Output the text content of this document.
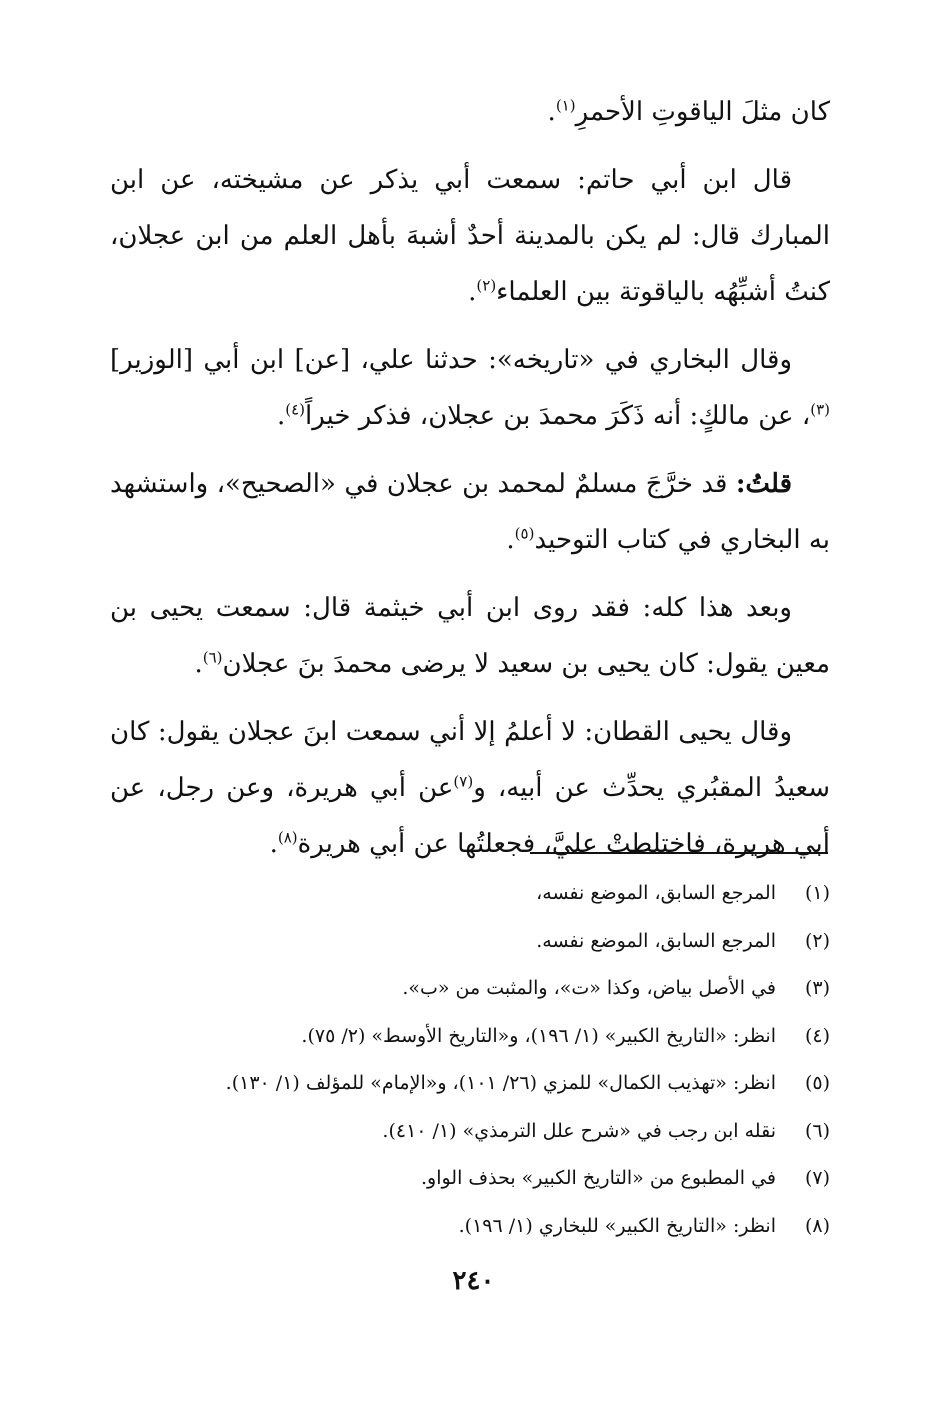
كان مثلَ الياقوتِ الأحمرِ$^{(١)}$.

قال ابن أبي حاتم: سمعت أبي يذكر عن مشيخته، عن ابن المبارك قال: لم يكن بالمدينة أحدٌ أشبهَ بأهل العلم من ابن عجلان، كنتُ أشبِّهُه بالياقوتة بين العلماء$^{(٢)}$.

وقال البخاري في «تاريخه»: حدثنا علي، [عن] ابن أبي [الوزير]$^{(٣)}$، عن مالكٍ: أنه ذَكَرَ محمدَ بن عجلان، فذكر خيراً$^{(٤)}$.

قلتُ: قد خرَّجَ مسلمٌ لمحمد بن عجلان في «الصحيح»، واستشهد به البخاري في كتاب التوحيد$^{(٥)}$.

وبعد هذا كله: فقد روى ابن أبي خيثمة قال: سمعت يحيى بن معين يقول: كان يحيى بن سعيد لا يرضى محمدَ بنَ عجلان$^{(٦)}$.

وقال يحيى القطان: لا أعلمُ إلا أني سمعت ابنَ عجلان يقول: كان سعيدُ المقبُري يحدِّث عن أبيه، و$^{(٧)}$عن أبي هريرة، وعن رجل، عن أبي هريرة، فاختلطتْ عليَّ، فجعلتُها عن أبي هريرة$^{(٨)}$.

(١)
المرجع السابق، الموضع نفسه،
(٢)
المرجع السابق، الموضع نفسه.
(٣)
في الأصل بياض، وكذا «ت»، والمثبت من «ب».
(٤)
انظر: «التاريخ الكبير» (١/ ١٩٦)، و«التاريخ الأوسط» (٢/ ٧٥).
(٥)
انظر: «تهذيب الكمال» للمزي (٢٦/ ١٠١)، و«الإمام» للمؤلف (١/ ١٣٠).
(٦)
نقله ابن رجب في «شرح علل الترمذي» (١/ ٤١٠).
(٧)
في المطبوع من «التاريخ الكبير» بحذف الواو.
(٨)
انظر: «التاريخ الكبير» للبخاري (١/ ١٩٦).
٢٤٠
